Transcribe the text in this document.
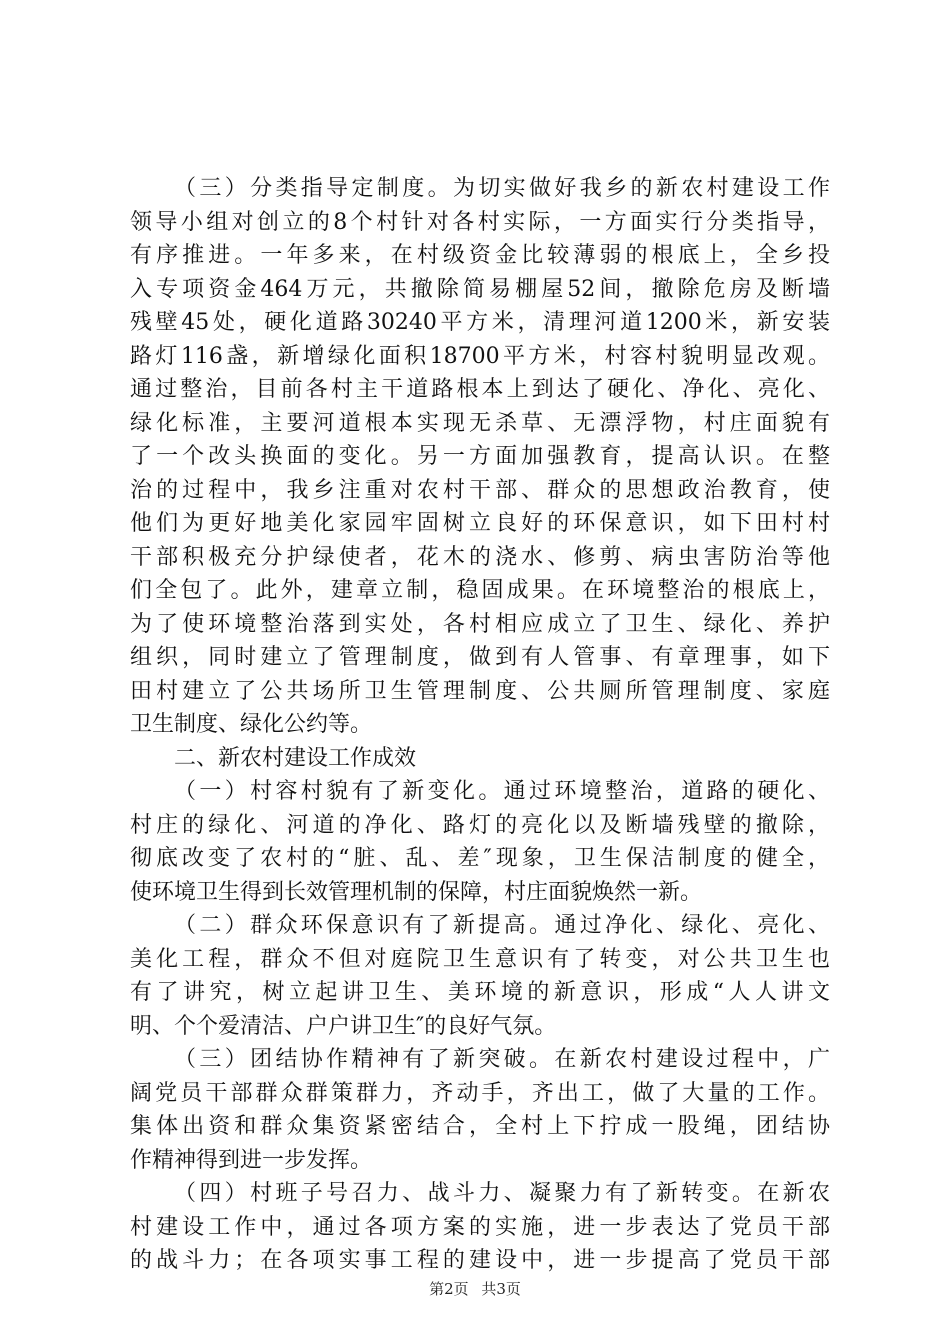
（三）分类指导定制度。为切实做好我乡的新农村建设工作
领导小组对创立的8个村针对各村实际，一方面实行分类指导，
有序推进。一年多来，在村级资金比较薄弱的根底上，全乡投
入专项资金464万元，共撤除简易棚屋52间，撤除危房及断墙
残壁45处，硬化道路30240平方米，清理河道1200米，新安装
路灯116盏，新增绿化面积18700平方米，村容村貌明显改观。
通过整治，目前各村主干道路根本上到达了硬化、净化、亮化、
绿化标准，主要河道根本实现无杀草、无漂浮物，村庄面貌有
了一个改头换面的变化。另一方面加强教育，提高认识。在整
治的过程中，我乡注重对农村干部、群众的思想政治教育，使
他们为更好地美化家园牢固树立良好的环保意识，如下田村村
干部积极充分护绿使者，花木的浇水、修剪、病虫害防治等他
们全包了。此外，建章立制，稳固成果。在环境整治的根底上，
为了使环境整治落到实处，各村相应成立了卫生、绿化、养护
组织，同时建立了管理制度，做到有人管事、有章理事，如下
田村建立了公共场所卫生管理制度、公共厕所管理制度、家庭
卫生制度、绿化公约等。
二、新农村建设工作成效
（一）村容村貌有了新变化。通过环境整治，道路的硬化、
村庄的绿化、河道的净化、路灯的亮化以及断墙残壁的撤除，
彻底改变了农村的“脏、乱、差″现象，卫生保洁制度的健全，
使环境卫生得到长效管理机制的保障，村庄面貌焕然一新。
（二）群众环保意识有了新提高。通过净化、绿化、亮化、
美化工程，群众不但对庭院卫生意识有了转变，对公共卫生也
有了讲究，树立起讲卫生、美环境的新意识，形成“人人讲文
明、个个爱清洁、户户讲卫生″的良好气氛。
（三）团结协作精神有了新突破。在新农村建设过程中，广
阔党员干部群众群策群力，齐动手，齐出工，做了大量的工作。
集体出资和群众集资紧密结合，全村上下拧成一股绳，团结协
作精神得到进一步发挥。
（四）村班子号召力、战斗力、凝聚力有了新转变。在新农
村建设工作中，通过各项方案的实施，进一步表达了党员干部
的战斗力；在各项实事工程的建设中，进一步提高了党员干部
第2页 共3页
